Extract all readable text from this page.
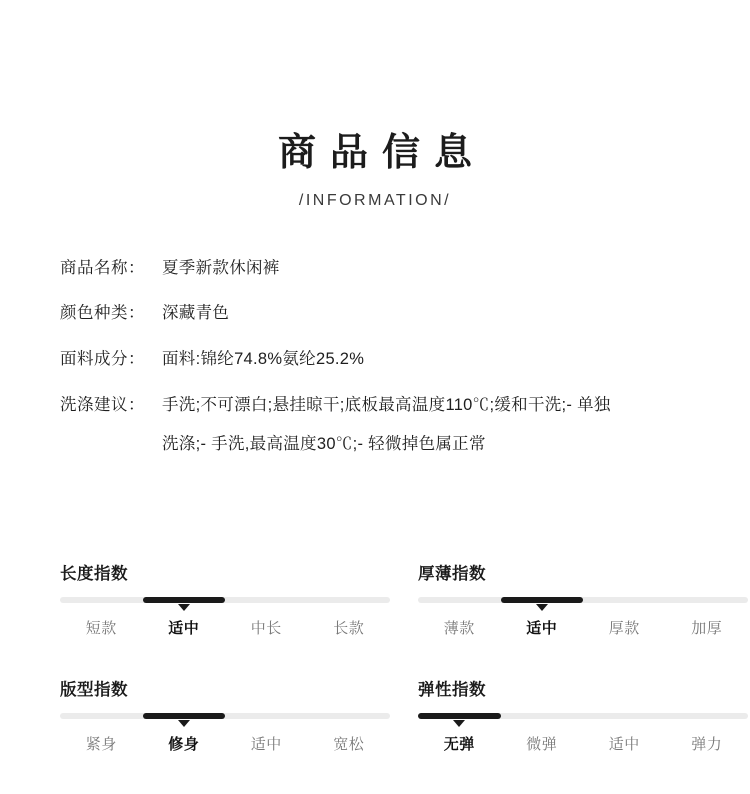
商品信息
/INFORMATION/
商品名称：	夏季新款休闲裤
颜色种类：	深藏青色
面料成分：	面料:锦纶74.8%氨纶25.2%
洗涤建议：	手洗;不可漂白;悬挂晾干;底板最高温度110℃;缓和干洗;- 单独
洗涤;- 手洗,最高温度30℃;- 轻微掉色属正常
长度指数
短款	适中	中长	长款
厚薄指数
薄款	适中	厚款	加厚
版型指数
紧身	修身	适中	宽松
弹性指数
无弹	微弹	适中	弹力
